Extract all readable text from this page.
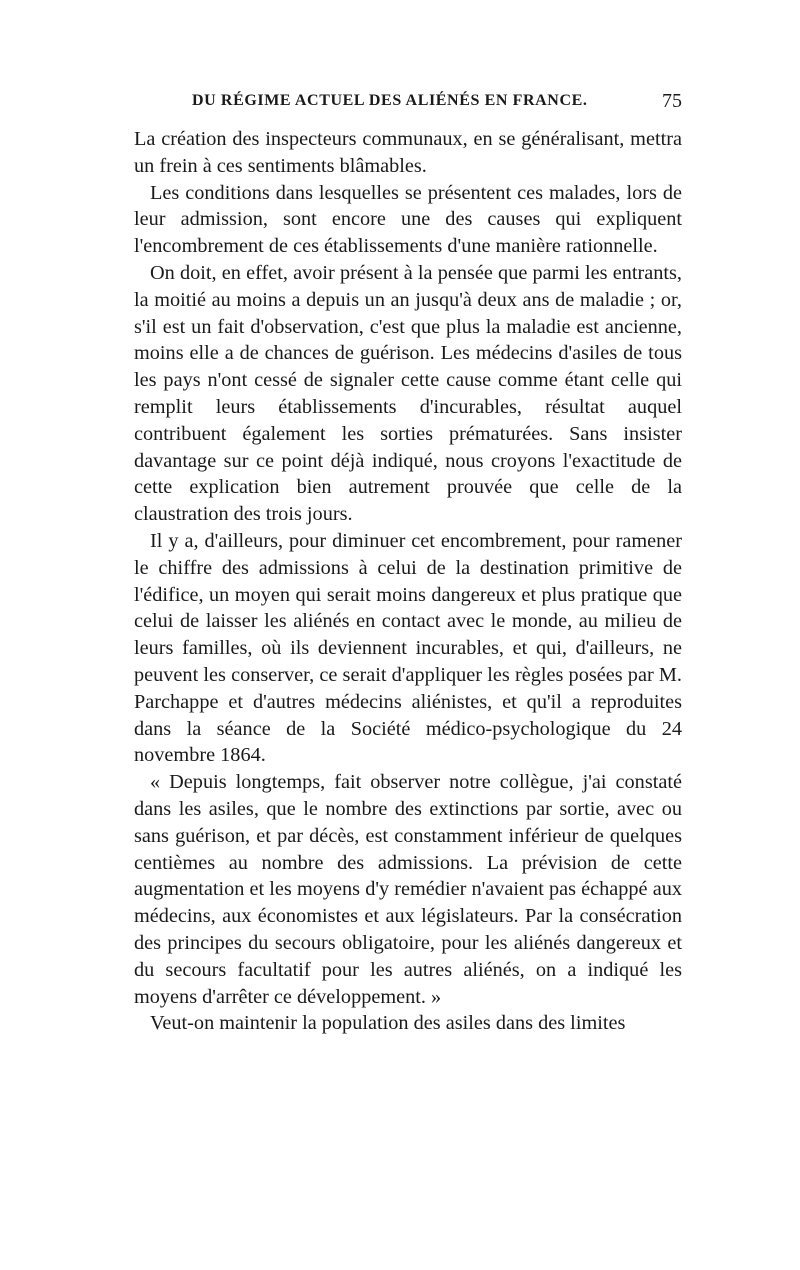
DU RÉGIME ACTUEL DES ALIÉNÉS EN FRANCE.	75

La création des inspecteurs communaux, en se généralisant, mettra un frein à ces sentiments blâmables.

Les conditions dans lesquelles se présentent ces malades, lors de leur admission, sont encore une des causes qui expliquent l'encombrement de ces établissements d'une manière rationnelle.

On doit, en effet, avoir présent à la pensée que parmi les entrants, la moitié au moins a depuis un an jusqu'à deux ans de maladie ; or, s'il est un fait d'observation, c'est que plus la maladie est ancienne, moins elle a de chances de guérison. Les médecins d'asiles de tous les pays n'ont cessé de signaler cette cause comme étant celle qui remplit leurs établissements d'incurables, résultat auquel contribuent également les sorties prématurées. Sans insister davantage sur ce point déjà indiqué, nous croyons l'exactitude de cette explication bien autrement prouvée que celle de la claustration des trois jours.

Il y a, d'ailleurs, pour diminuer cet encombrement, pour ramener le chiffre des admissions à celui de la destination primitive de l'édifice, un moyen qui serait moins dangereux et plus pratique que celui de laisser les aliénés en contact avec le monde, au milieu de leurs familles, où ils deviennent incurables, et qui, d'ailleurs, ne peuvent les conserver, ce serait d'appliquer les règles posées par M. Parchappe et d'autres médecins aliénistes, et qu'il a reproduites dans la séance de la Société médico-psychologique du 24 novembre 1864.

« Depuis longtemps, fait observer notre collègue, j'ai constaté dans les asiles, que le nombre des extinctions par sortie, avec ou sans guérison, et par décès, est constamment inférieur de quelques centièmes au nombre des admissions. La prévision de cette augmentation et les moyens d'y remédier n'avaient pas échappé aux médecins, aux économistes et aux législateurs. Par la consécration des principes du secours obligatoire, pour les aliénés dangereux et du secours facultatif pour les autres aliénés, on a indiqué les moyens d'arrêter ce développement. »

Veut-on maintenir la population des asiles dans des limites
